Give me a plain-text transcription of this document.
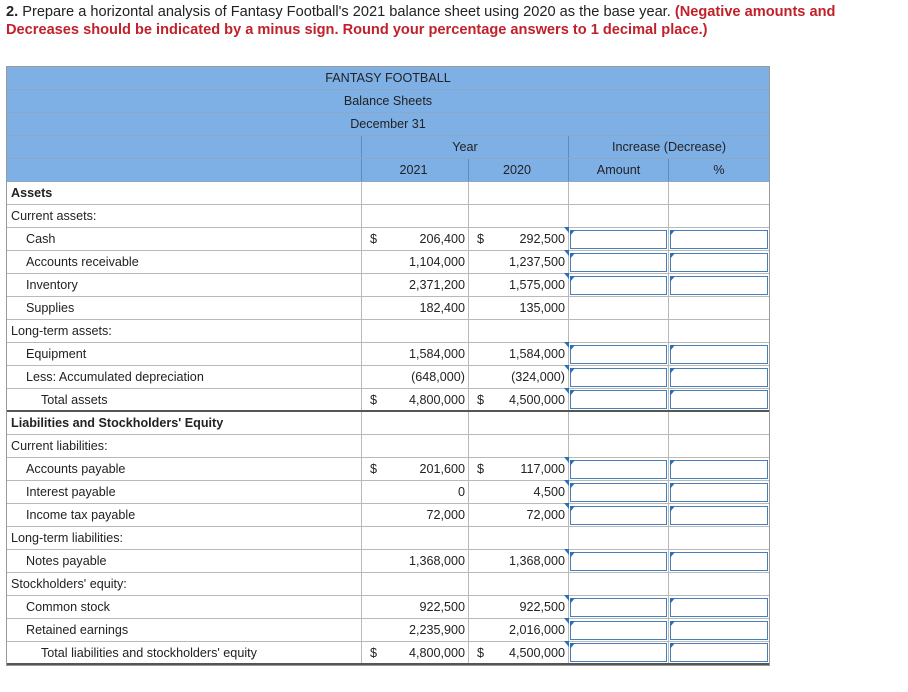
2. Prepare a horizontal analysis of Fantasy Football's 2021 balance sheet using 2020 as the base year. (Negative amounts and Decreases should be indicated by a minus sign. Round your percentage answers to 1 decimal place.)
FANTASY FOOTBALL
Balance Sheets
December 31
Year	Increase (Decrease)
2021	2020	Amount	%
Assets
Current assets:
Cash	$	206,400 $	292,500
Accounts receivable	1,104,000	1,237,500
Inventory	2,371,200	1,575,000
Supplies	182,400	135,000
Long-term assets:
Equipment	1,584,000	1,584,000
Less: Accumulated depreciation	(648,000)	(324,000)
Total assets	$	4,800,000 $	4,500,000
Liabilities and Stockholders' Equity
Current liabilities:
Accounts payable	$	201,600 $	117,000
Interest payable	0	4,500
Income tax payable	72,000	72,000
Long-term liabilities:
Notes payable	1,368,000	1,368,000
Stockholders' equity:
Common stock	922,500	922,500
Retained earnings	2,235,900	2,016,000
Total liabilities and stockholders' equity	$	4,800,000 $	4,500,000
